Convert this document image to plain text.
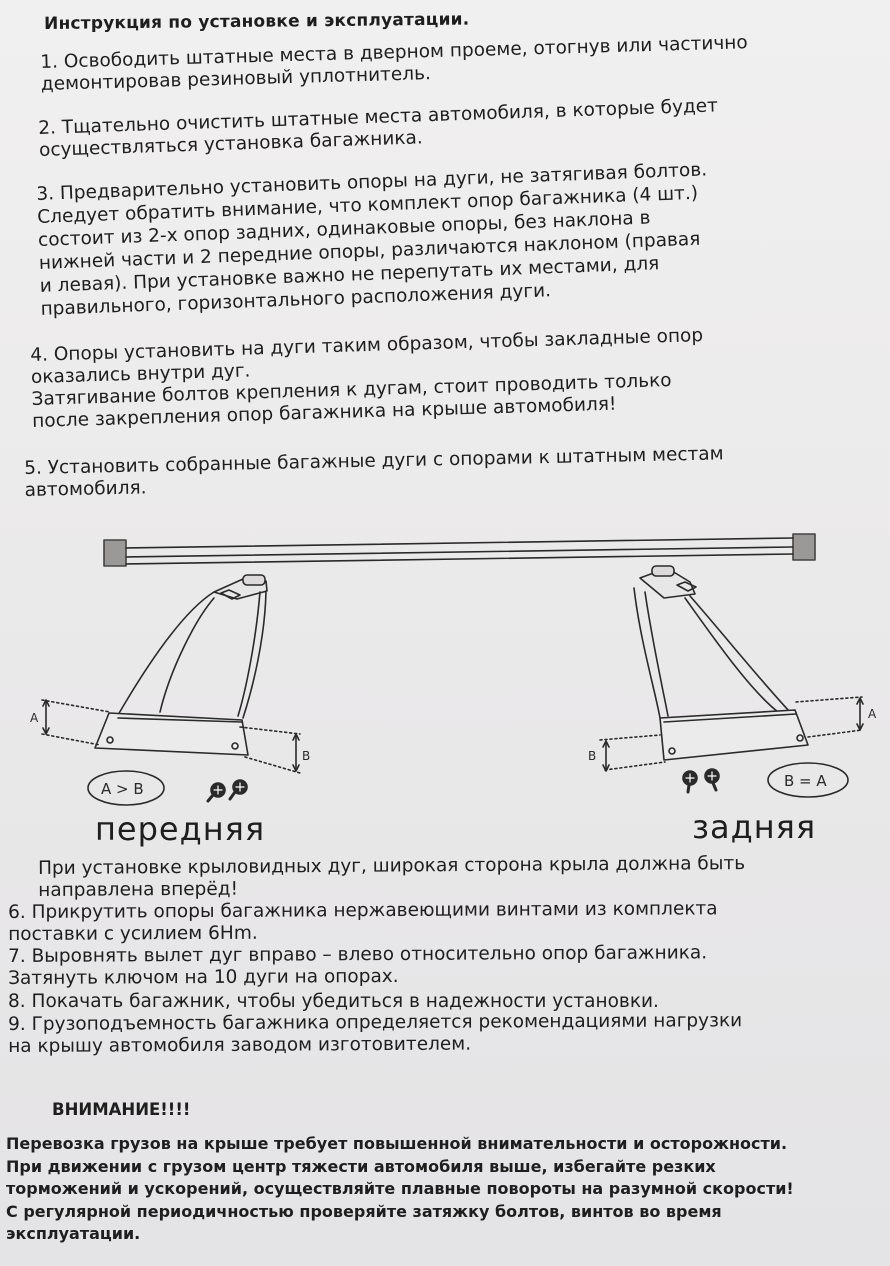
Инструкция по установке и эксплуатации.
1. Освободить штатные места в дверном проеме, отогнув или частично
демонтировав резиновый уплотнитель.
2. Тщательно очистить штатные места автомобиля, в которые будет
осуществляться установка багажника.
3. Предварительно установить опоры на дуги, не затягивая болтов.
Следует обратить внимание, что комплект опор багажника (4 шт.)
состоит из 2-х опор задних, одинаковые опоры, без наклона в
нижней части и 2 передние опоры, различаются наклоном (правая
и левая). При установке важно не перепутать их местами, для
правильного, горизонтального расположения дуги.
4. Опоры установить на дуги таким образом, чтобы закладные опор
оказались внутри дуг.
Затягивание болтов крепления к дугам, стоит проводить только
после закрепления опор багажника на крыше автомобиля!
5. Установить собранные багажные дуги с опорами к штатным местам
автомобиля.
A
B
A > B
B
A
B = A
передняя	задняя
При установке крыловидных дуг, широкая сторона крыла должна быть
направлена вперёд!
6. Прикрутить опоры багажника нержавеющими винтами из комплекта
поставки с усилием 6Hm.
7. Выровнять вылет дуг вправо – влево относительно опор багажника.
Затянуть ключом на 10 дуги на опорах.
8. Покачать багажник, чтобы убедиться в надежности установки.
9. Грузоподъемность багажника определяется рекомендациями нагрузки
на крышу автомобиля заводом изготовителем.
ВНИМАНИЕ!!!!
Перевозка грузов на крыше требует повышенной внимательности и осторожности.
При движении с грузом центр тяжести автомобиля выше, избегайте резких
торможений и ускорений, осуществляйте плавные повороты на разумной скорости!
С регулярной периодичностью проверяйте затяжку болтов, винтов во время
эксплуатации.
